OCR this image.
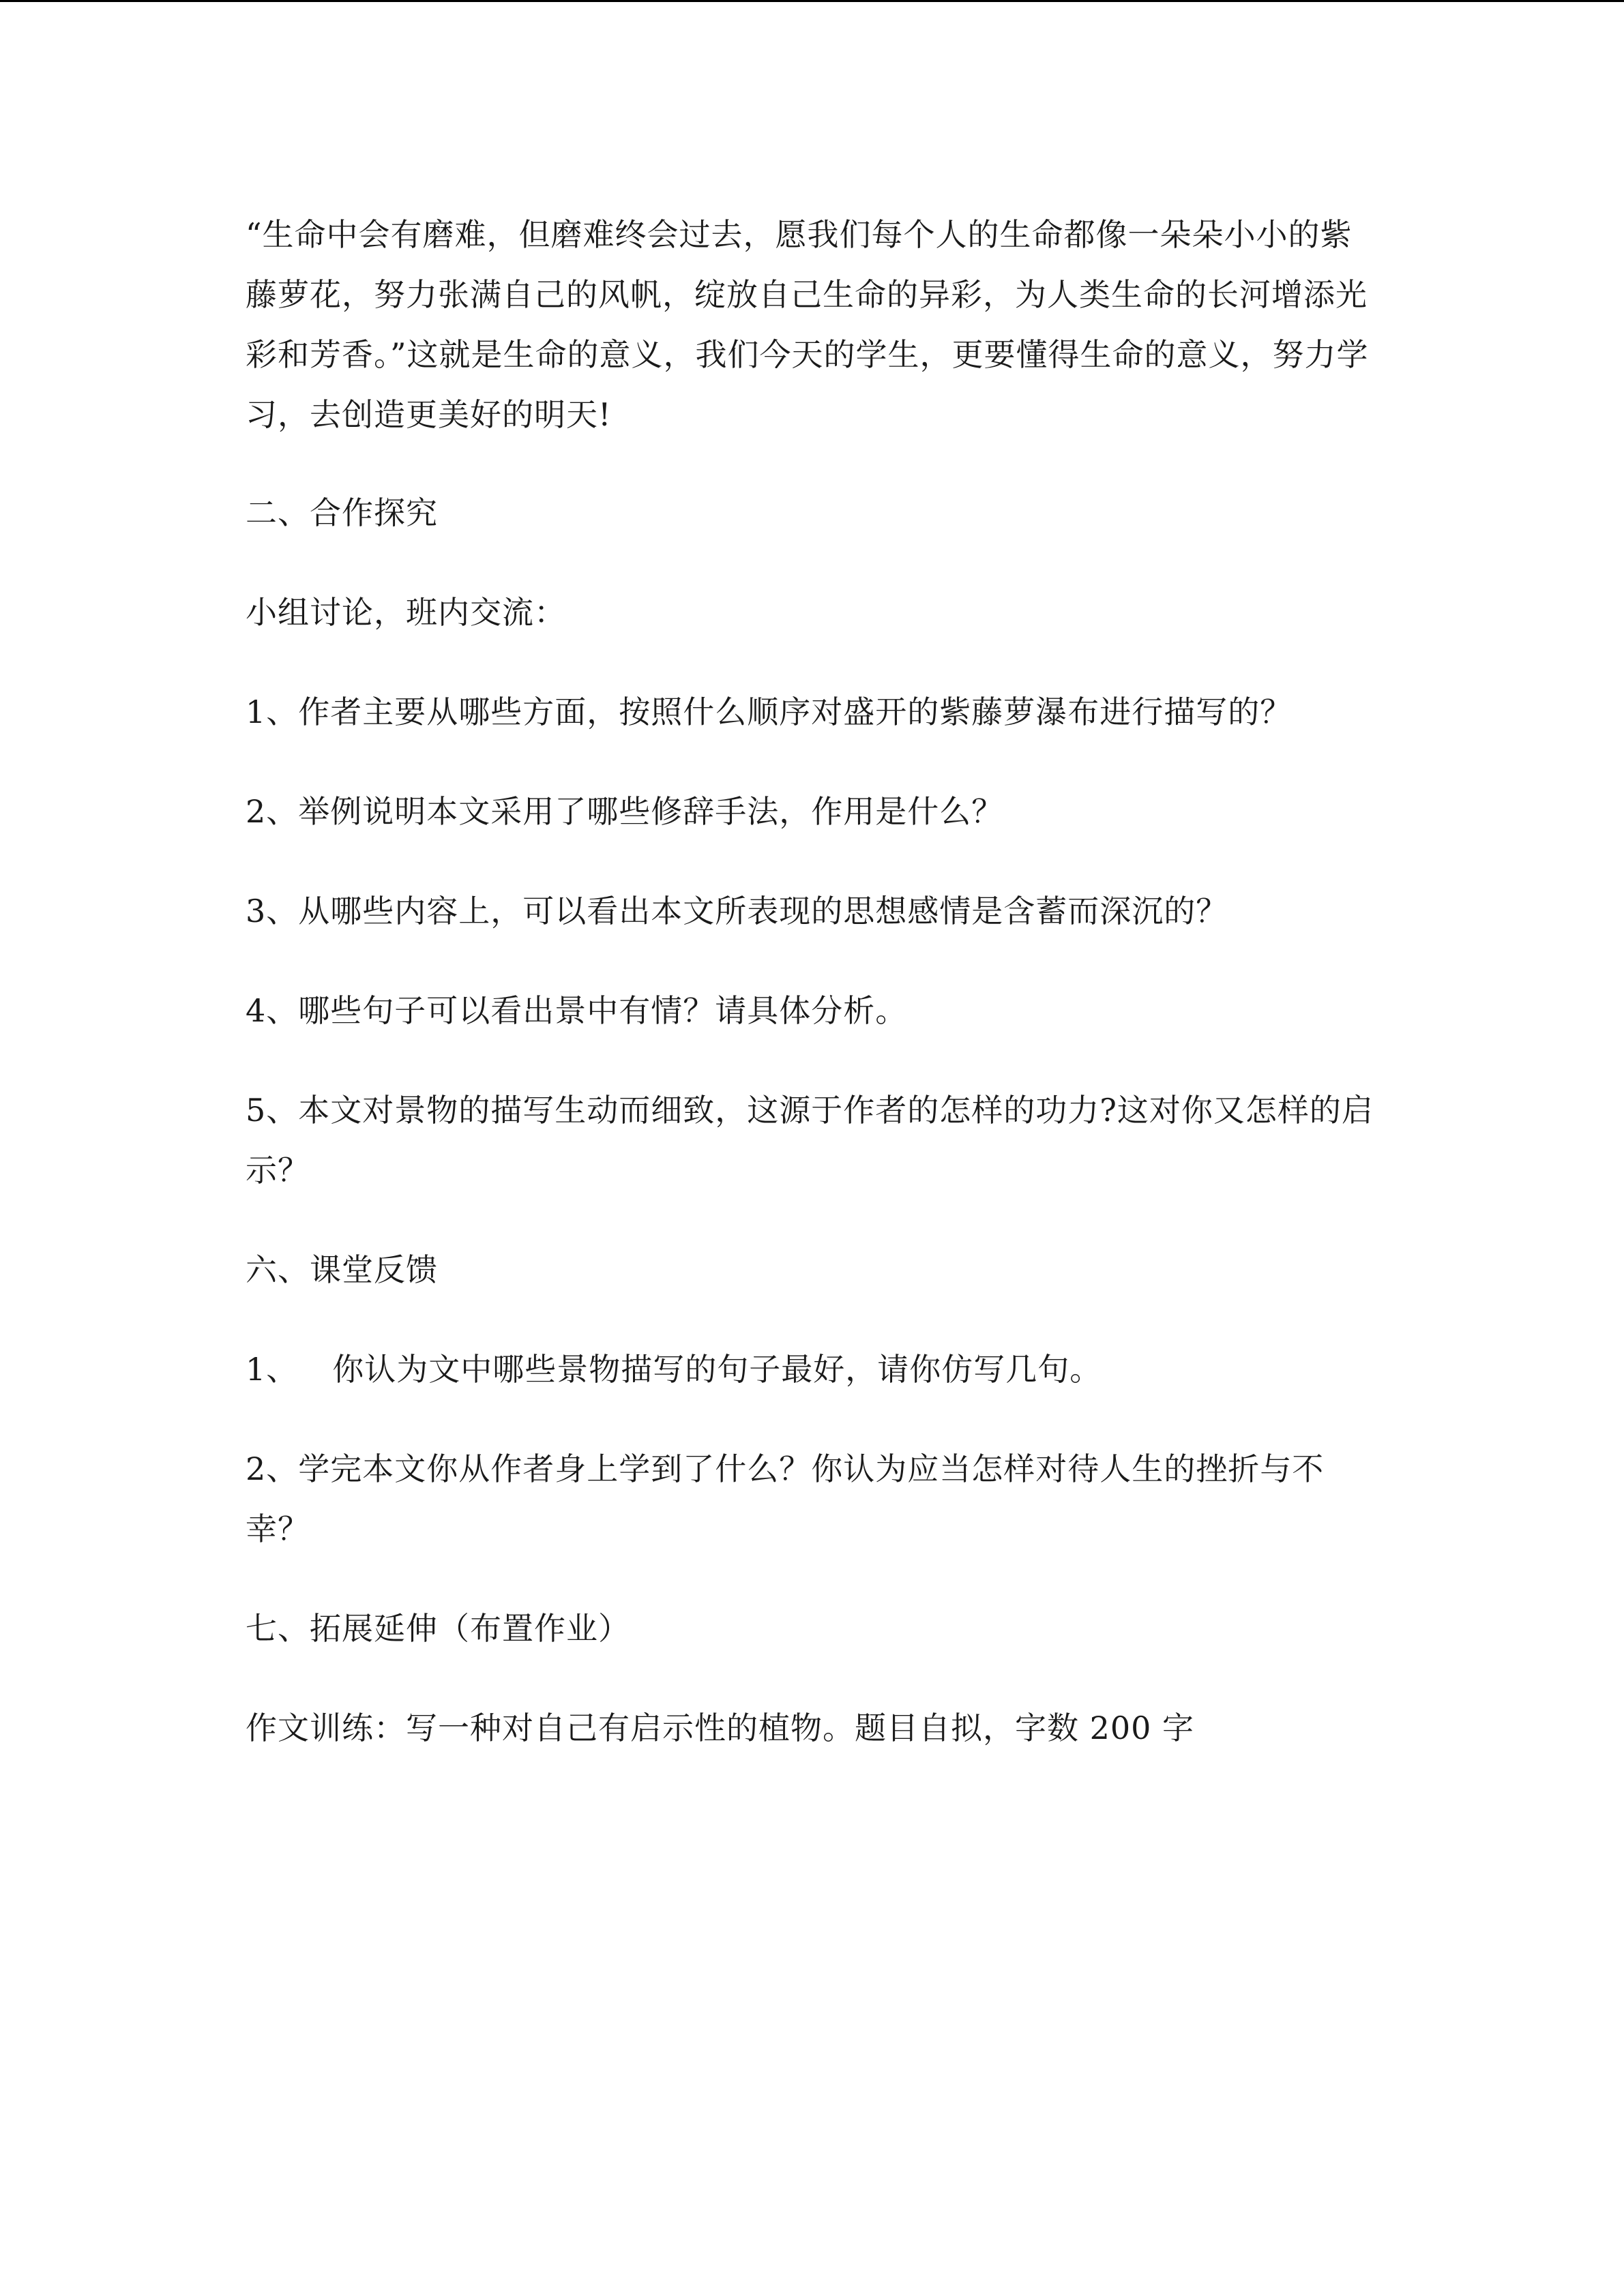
“生命中会有磨难，但磨难终会过去，愿我们每个人的生命都像一朵朵小小的紫藤萝花，努力张满自己的风帆，绽放自己生命的异彩，为人类生命的长河增添光彩和芳香。”这就是生命的意义，我们今天的学生，更要懂得生命的意义，努力学习，去创造更美好的明天!

二、合作探究

小组讨论，班内交流：

1、作者主要从哪些方面，按照什么顺序对盛开的紫藤萝瀑布进行描写的？

2、举例说明本文采用了哪些修辞手法，作用是什么？

3、从哪些内容上，可以看出本文所表现的思想感情是含蓄而深沉的？

4、哪些句子可以看出景中有情？请具体分析。

5、本文对景物的描写生动而细致，这源于作者的怎样的功力?这对你又怎样的启示？

六、课堂反馈

1、 你认为文中哪些景物描写的句子最好，请你仿写几句。

2、学完本文你从作者身上学到了什么？你认为应当怎样对待人生的挫折与不幸？

七、拓展延伸（布置作业）

作文训练：写一种对自己有启示性的植物。题目自拟，字数 200 字
